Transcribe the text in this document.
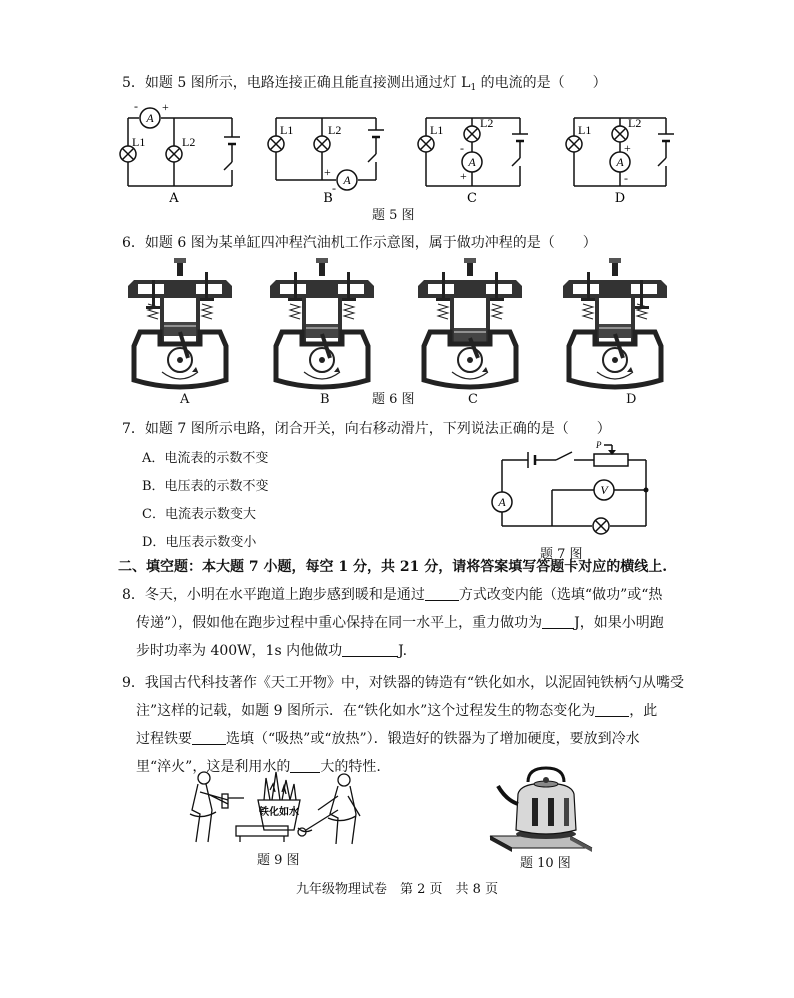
5．如题 5 图所示，电路连接正确且能直接测出通过灯 $L_1$ 的电流的是（　　）
A
- +
L1	L2
A
A
+
-
L1	L2
B
A
-
+
L1	L2
C
A
+
-
L1	L2
D
题 5 图
6．如题 6 图为某单缸四冲程汽油机工作示意图，属于做功冲程的是（　　）
题 6 图
A	B	C	D
7．如题 7 图所示电路，闭合开关，向右移动滑片，下列说法正确的是（　　）
A．电流表的示数不变
B．电压表的示数不变
C．电流表示数变大
D．电压表示数变小
A
V
P
题 7 图
二、填空题：本大题 7 小题，每空 1 分，共 21 分，请将答案填写答题卡对应的横线上.
8．冬天，小明在水平跑道上跑步感到暖和是通过 方式改变内能（选填“做功”或“热
传递”），假如他在跑步过程中重心保持在同一水平上，重力做功为 J，如果小明跑
步时功率为 400W，1s 内他做功	J.
9．我国古代科技著作《天工开物》中，对铁器的铸造有“铁化如水，以泥固钝铁柄勺从嘴受
注”这样的记载，如题 9 图所示．在“铁化如水”这个过程发生的物态变化为 ，此
过程铁要 选填（“吸热”或“放热”）．锻造好的铁器为了增加硬度，要放到冷水
里“淬火”，这是利用水的 大的特性.
铁化如水
题 9 图	题 10 图
九年级物理试卷　第 2 页　共 8 页
